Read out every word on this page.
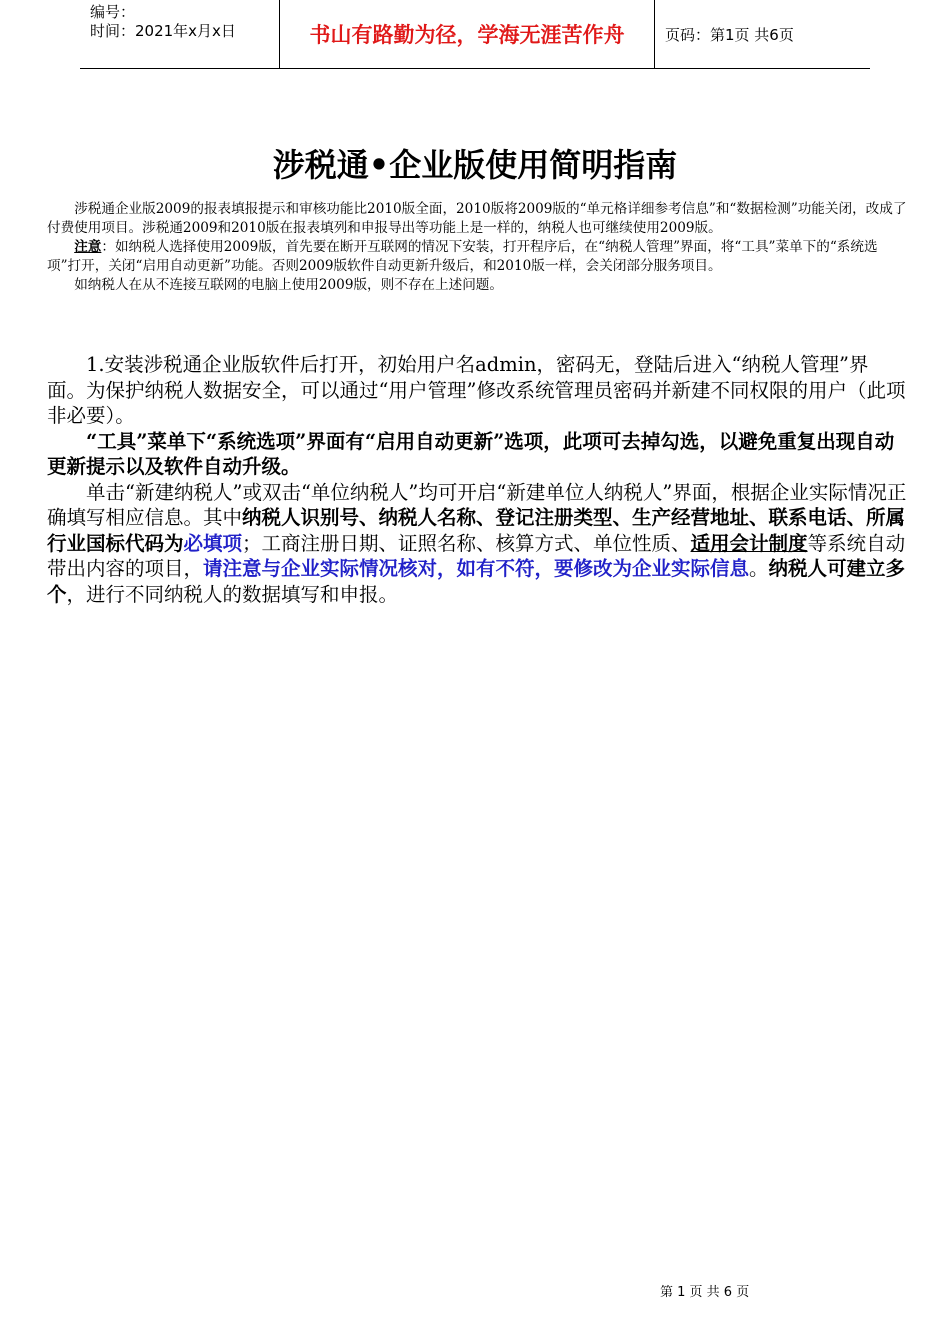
编号：
时间：2021年x月x日	书山有路勤为径，学海无涯苦作舟	页码：第1页 共6页
涉税通•企业版使用简明指南

涉税通企业版2009的报表填报提示和审核功能比2010版全面，2010版将2009版的“单元格详细参考信息”和“数据检测”功能关闭，改成了付费使用项目。涉税通2009和2010版在报表填列和申报导出等功能上是一样的，纳税人也可继续使用2009版。

注意：如纳税人选择使用2009版，首先要在断开互联网的情况下安装，打开程序后，在“纳税人管理”界面，将“工具”菜单下的“系统选项”打开，关闭“启用自动更新”功能。否则2009版软件自动更新升级后，和2010版一样，会关闭部分服务项目。

如纳税人在从不连接互联网的电脑上使用2009版，则不存在上述问题。

1.安装涉税通企业版软件后打开，初始用户名admin，密码无，登陆后进入“纳税人管理”界面。为保护纳税人数据安全，可以通过“用户管理”修改系统管理员密码并新建不同权限的用户（此项非必要）。

“工具”菜单下“系统选项”界面有“启用自动更新”选项，此项可去掉勾选，以避免重复出现自动更新提示以及软件自动升级。

单击“新建纳税人”或双击“单位纳税人”均可开启“新建单位人纳税人”界面，根据企业实际情况正确填写相应信息。其中纳税人识别号、纳税人名称、登记注册类型、生产经营地址、联系电话、所属行业国标代码为必填项；工商注册日期、证照名称、核算方式、单位性质、适用会计制度等系统自动带出内容的项目，请注意与企业实际情况核对，如有不符，要修改为企业实际信息。纳税人可建立多个，进行不同纳税人的数据填写和申报。

第 1 页 共 6 页
